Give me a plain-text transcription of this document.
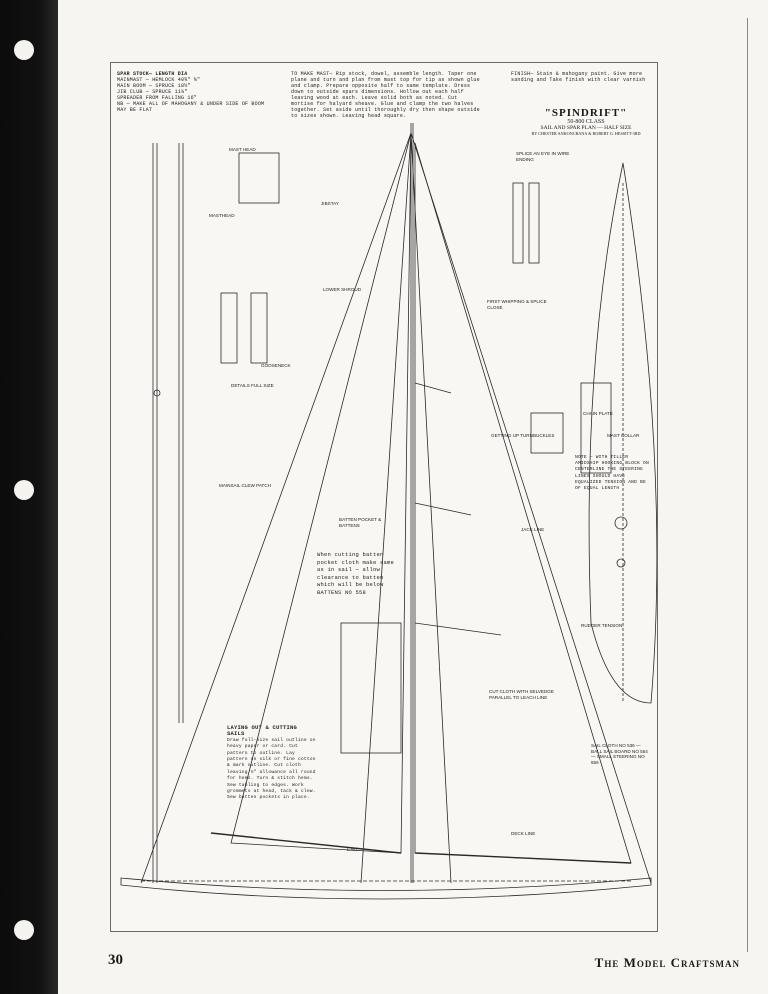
SPAR STOCK— LENGTH DIA
MAINMAST — HEMLOCK 40¾" ⅝"
MAIN BOOM — SPRUCE 18½"
JIB CLUB — SPRUCE 11⅜"
SPREADER FROM FALLING 16"
NB — MAKE ALL OF MAHOGANY & UNDER SIDE OF BOOM MAY BE FLAT
TO MAKE MAST— Rip stock, dowel, assemble length. Taper one plane and turn and plan from mast top for tip as shown glue and clamp. Prepare opposite half to same template. Dress down to outside spars dimensions. Hollow out each half leaving wood at each. Leave solid both as noted. Cut mortise for halyard sheave. Glue and clamp the two halves together. Set aside until thoroughly dry then shape outside to sizes shown. Leaving head square.
FINISH— Stain & mahogany paint. Give more sanding and Take finish with clear varnish
"SPINDRIFT"
50-800 CLASS
SAIL AND SPAR PLAN — HALF SIZE
BY CHESTER ANKONCRANA & ROBERT G. HESSITT-3RD
MAST HEAD
JIBSTAY
MASTHEAD
LOWER SHROUD
GOOSENECK
DETAILS FULL SIZE
MAINSAIL CLEW PATCH
BATTEN POCKET & BATTENS
When cutting batten pocket cloth make same as in sail — allow clearance to batten which will be below BATTENS NO 558
LAYING OUT & CUTTING SAILS
Draw full-size sail outline on heavy paper or card. Cut pattern to outline. Lay pattern on silk or fine cotton & mark outline. Cut cloth leaving ½" allowance all round for hems. Turn & stitch hems. Sew tabling to edges. Work grommets at head, tack & clew. Sew batten pockets in place.
CUT CLOTH WITH SELVEDGE PARALLEL TO LEACH LINE
SPLICE AN EYE IN WIRE ENDING
FIRST WHIPPING & SPLICE CLOSE
CHAIN PLATE
GETTING UP TURNBUCKLES	MAST COLLAR
NOTE — WITH TILLER AMIDSHIP HOOKING BLOCK ON CENTERLINE THE STEERING LINES SHOULD HAVE EQUALIZED TENSION AND BE OF EQUAL LENGTH
JACK LINE
RUDDER TENSION
SAIL CLOTH NO 536 — BALL SAIL BOARD NO 554 — SMALL STEERING NO 556
L.W.L.
DECK LINE
30	The Model Craftsman
